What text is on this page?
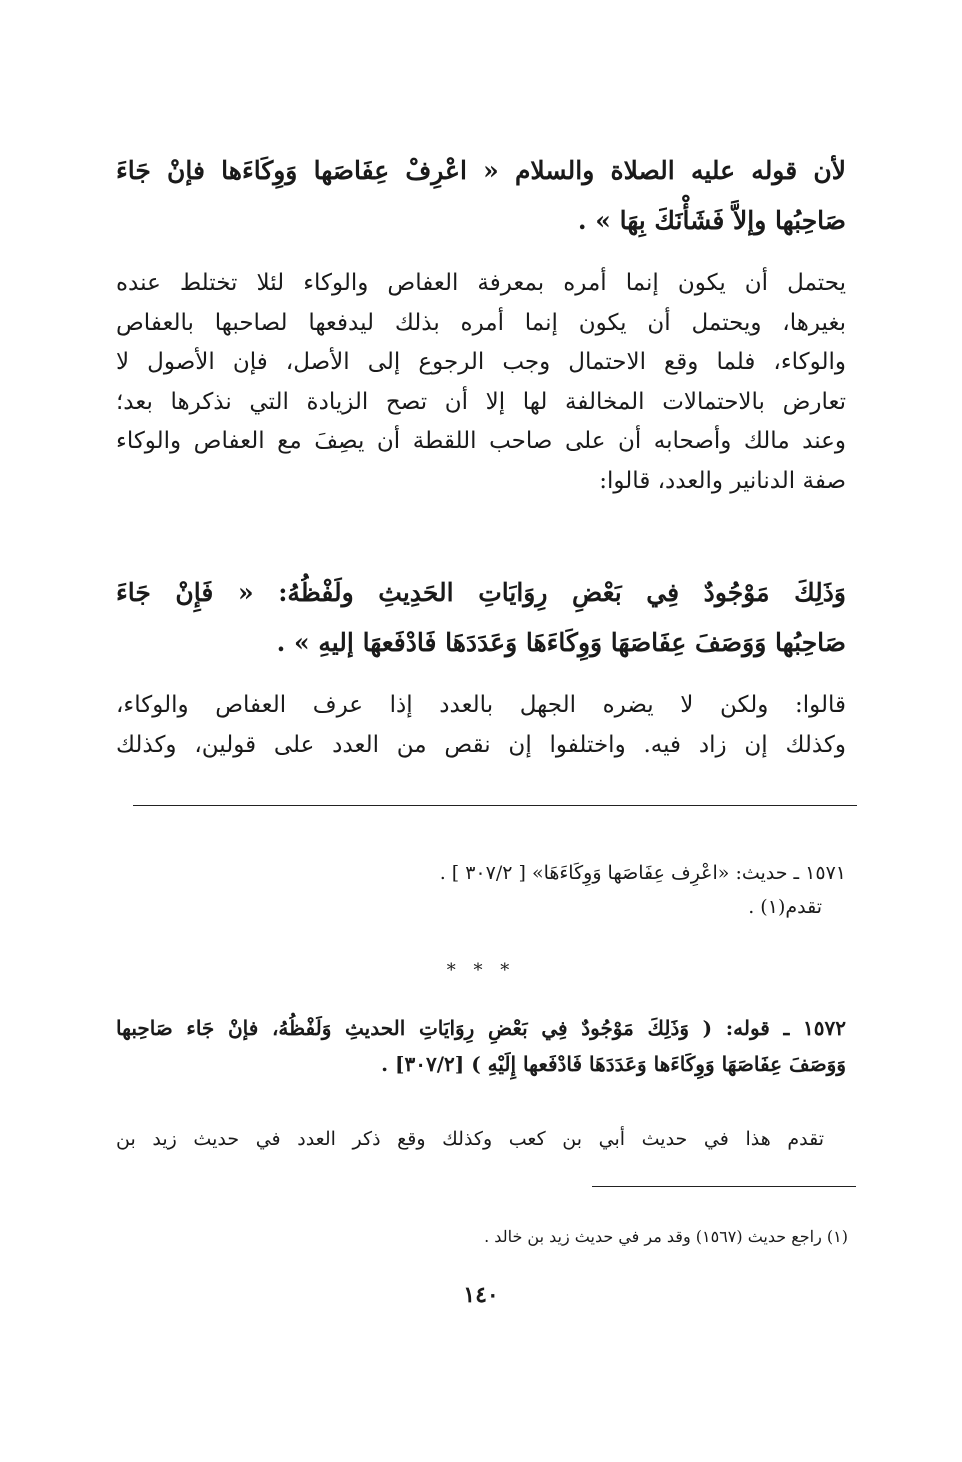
لأن قوله عليه الصلاة والسلام « اعْرِفْ عِفَاصَها وَوِكَاءَها فإنْ جَاءَ
صَاحِبُها وإلاَّ فَشَأْنَكَ بِهَا » .
يحتمل أن يكون إنما أمره بمعرفة العفاص والوكاء لئلا تختلط عنده
بغيرها، ويحتمل أن يكون إنما أمره بذلك ليدفعها لصاحبها بالعفاص
والوكاء، فلما وقع الاحتمال وجب الرجوع إلى الأصل، فإن الأصول لا
تعارض بالاحتمالات المخالفة لها إلا أن تصح الزيادة التي نذكرها بعد؛
وعند مالك وأصحابه أن على صاحب اللقطة أن يصِفَ مع العفاص والوكاء
صفة الدنانير والعدد، قالوا:
وَذَلِكَ مَوْجُودٌ فِي بَعْضِ رِوَايَاتِ الحَدِيثِ ولَفْظُهُ: « فَإِنْ جَاءَ
صَاحِبُها وَوَصَفَ عِفَاصَهَا وَوِكَاءَهَا وَعَدَدَهَا فَادْفَعهَا إليهِ » .
قالوا: ولكن لا يضره الجهل بالعدد إذا عرف العفاص والوكاء،
وكذلك إن زاد فيه. واختلفوا إن نقص من العدد على قولين، وكذلك
١٥٧١ ـ حديث: «اعْرِف عِفَاصَها وَوِكَاءَهَا» [ ٣٠٧/٢ ] .
تقدم(١) .
* * *
١٥٧٢ ـ قوله: ( وَذَلِكَ مَوْجُودٌ فِي بَعْضِ رِوَايَاتِ الحديثِ وَلَفْظُهُ، فإنْ جَاء صَاحِبها
وَوَصَفَ عِفَاصَهَا وَوِكَاءَها وَعَدَدَهَا فَادْفَعها إِلَيْهِ ) [٣٠٧/٢] .
تقدم هذا في حديث أبي بن كعب وكذلك وقع ذكر العدد في حديث زيد بن
(١) راجع حديث (١٥٦٧) وقد مر في حديث زيد بن خالد .
١٤٠
